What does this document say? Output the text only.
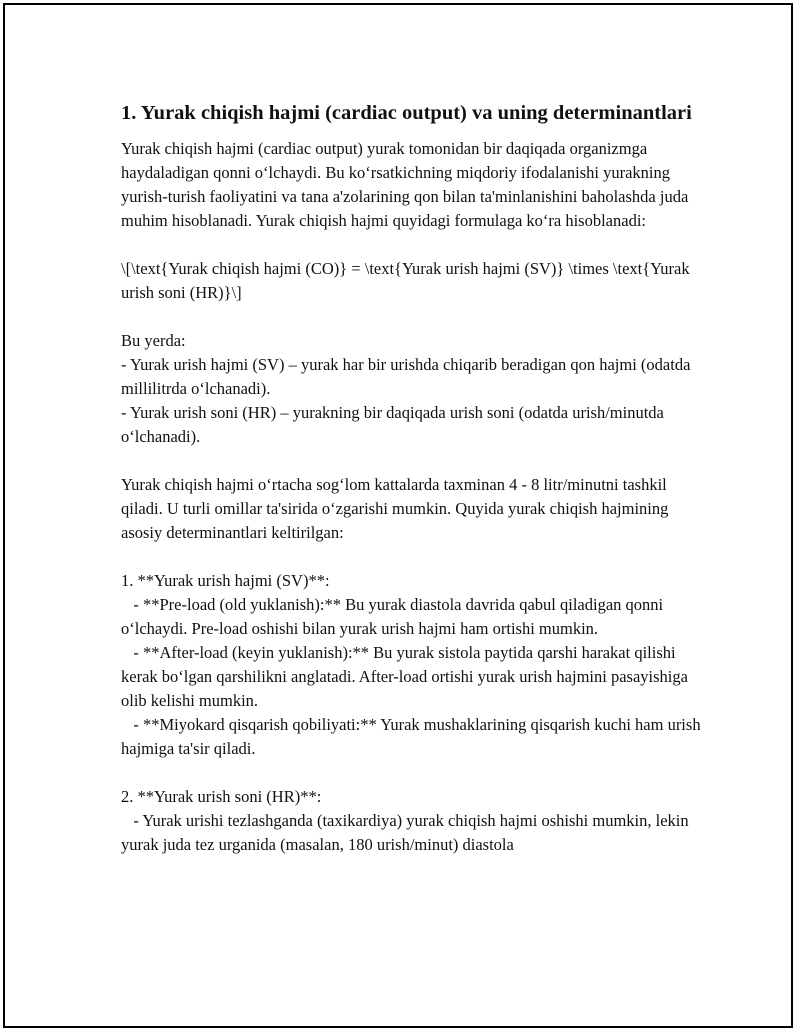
1. Yurak chiqish hajmi (cardiac output) va uning determinantlari

Yurak chiqish hajmi (cardiac output) yurak tomonidan bir daqiqada organizmga haydaladigan qonni o‘lchaydi. Bu ko‘rsatkichning miqdoriy ifodalanishi yurakning yurish-turish faoliyatini va tana a'zolarining qon bilan ta'minlanishini baholashda juda muhim hisoblanadi. Yurak chiqish hajmi quyidagi formulaga ko‘ra hisoblanadi:

\[\text{Yurak chiqish hajmi (CO)} = \text{Yurak urish hajmi (SV)} \times \text{Yurak urish soni (HR)}\]

Bu yerda:
- Yurak urish hajmi (SV) – yurak har bir urishda chiqarib beradigan qon hajmi (odatda millilitrda o‘lchanadi).
- Yurak urish soni (HR) – yurakning bir daqiqada urish soni (odatda urish/minutda o‘lchanadi).

Yurak chiqish hajmi o‘rtacha sog‘lom kattalarda taxminan 4 - 8 litr/minutni tashkil qiladi. U turli omillar ta'sirida o‘zgarishi mumkin. Quyida yurak chiqish hajmining asosiy determinantlari keltirilgan:

1. **Yurak urish hajmi (SV)**:
- **Pre-load (old yuklanish):** Bu yurak diastola davrida qabul qiladigan qonni o‘lchaydi. Pre-load oshishi bilan yurak urish hajmi ham ortishi mumkin.
- **After-load (keyin yuklanish):** Bu yurak sistola paytida qarshi harakat qilishi kerak bo‘lgan qarshilikni anglatadi. After-load ortishi yurak urish hajmini pasayishiga olib kelishi mumkin.
- **Miyokard qisqarish qobiliyati:** Yurak mushaklarining qisqarish kuchi ham urish hajmiga ta'sir qiladi.

2. **Yurak urish soni (HR)**:
- Yurak urishi tezlashganda (taxikardiya) yurak chiqish hajmi oshishi mumkin, lekin yurak juda tez urganida (masalan, 180 urish/minut) diastola
